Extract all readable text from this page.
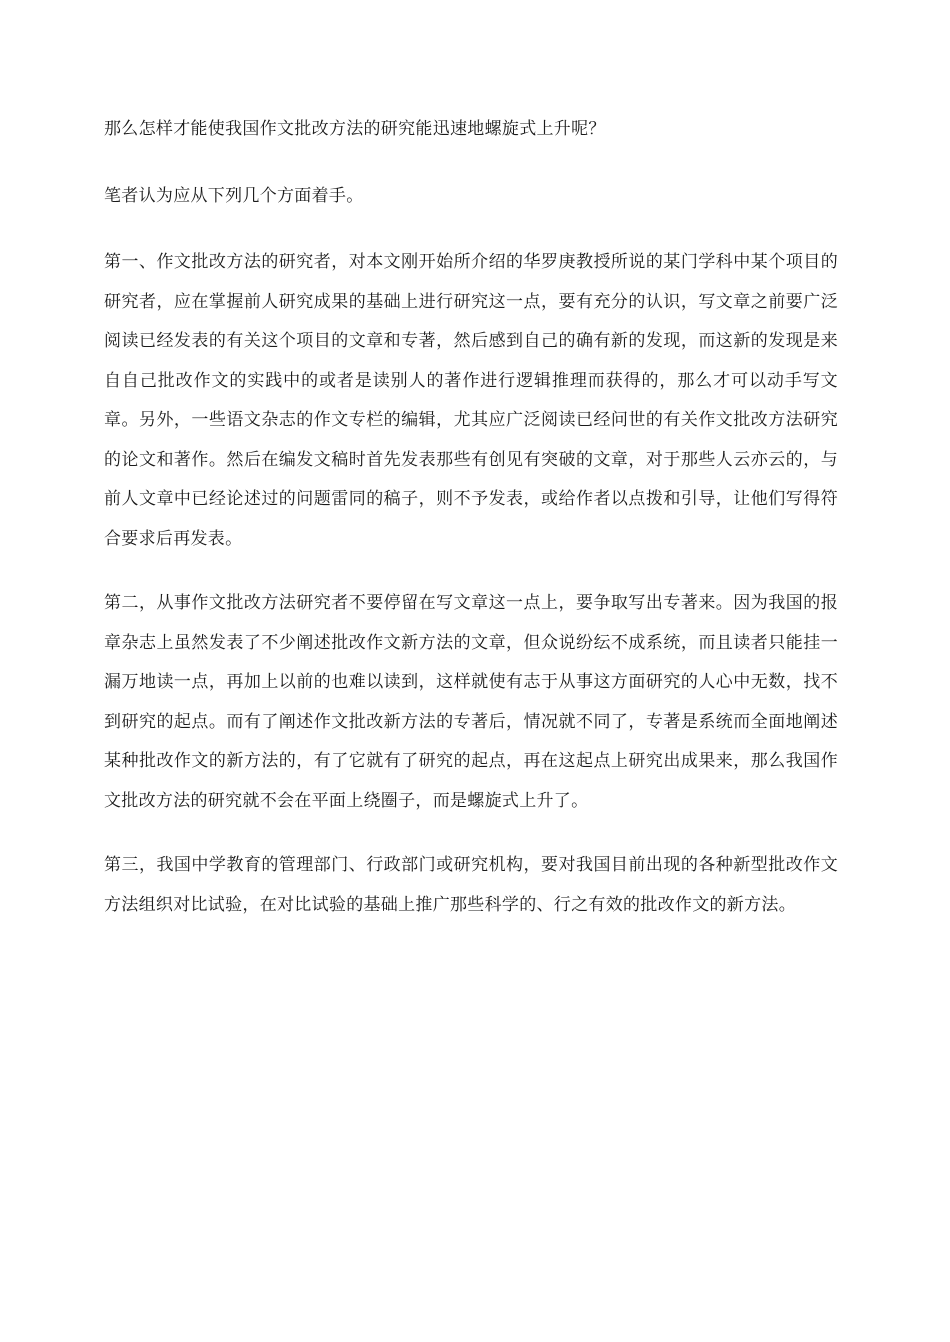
那么怎样才能使我国作文批改方法的研究能迅速地螺旋式上升呢？

笔者认为应从下列几个方面着手。

第一、作文批改方法的研究者，对本文刚开始所介绍的华罗庚教授所说的某门学科中某个项目的研究者，应在掌握前人研究成果的基础上进行研究这一点，要有充分的认识，写文章之前要广泛阅读已经发表的有关这个项目的文章和专著，然后感到自己的确有新的发现，而这新的发现是来自自己批改作文的实践中的或者是读别人的著作进行逻辑推理而获得的，那么才可以动手写文章。另外，一些语文杂志的作文专栏的编辑，尤其应广泛阅读已经问世的有关作文批改方法研究的论文和著作。然后在编发文稿时首先发表那些有创见有突破的文章，对于那些人云亦云的，与前人文章中已经论述过的问题雷同的稿子，则不予发表，或给作者以点拨和引导，让他们写得符合要求后再发表。

第二，从事作文批改方法研究者不要停留在写文章这一点上，要争取写出专著来。因为我国的报章杂志上虽然发表了不少阐述批改作文新方法的文章，但众说纷纭不成系统，而且读者只能挂一漏万地读一点，再加上以前的也难以读到，这样就使有志于从事这方面研究的人心中无数，找不到研究的起点。而有了阐述作文批改新方法的专著后，情况就不同了，专著是系统而全面地阐述某种批改作文的新方法的，有了它就有了研究的起点，再在这起点上研究出成果来，那么我国作文批改方法的研究就不会在平面上绕圈子，而是螺旋式上升了。

第三，我国中学教育的管理部门、行政部门或研究机构，要对我国目前出现的各种新型批改作文方法组织对比试验，在对比试验的基础上推广那些科学的、行之有效的批改作文的新方法。
